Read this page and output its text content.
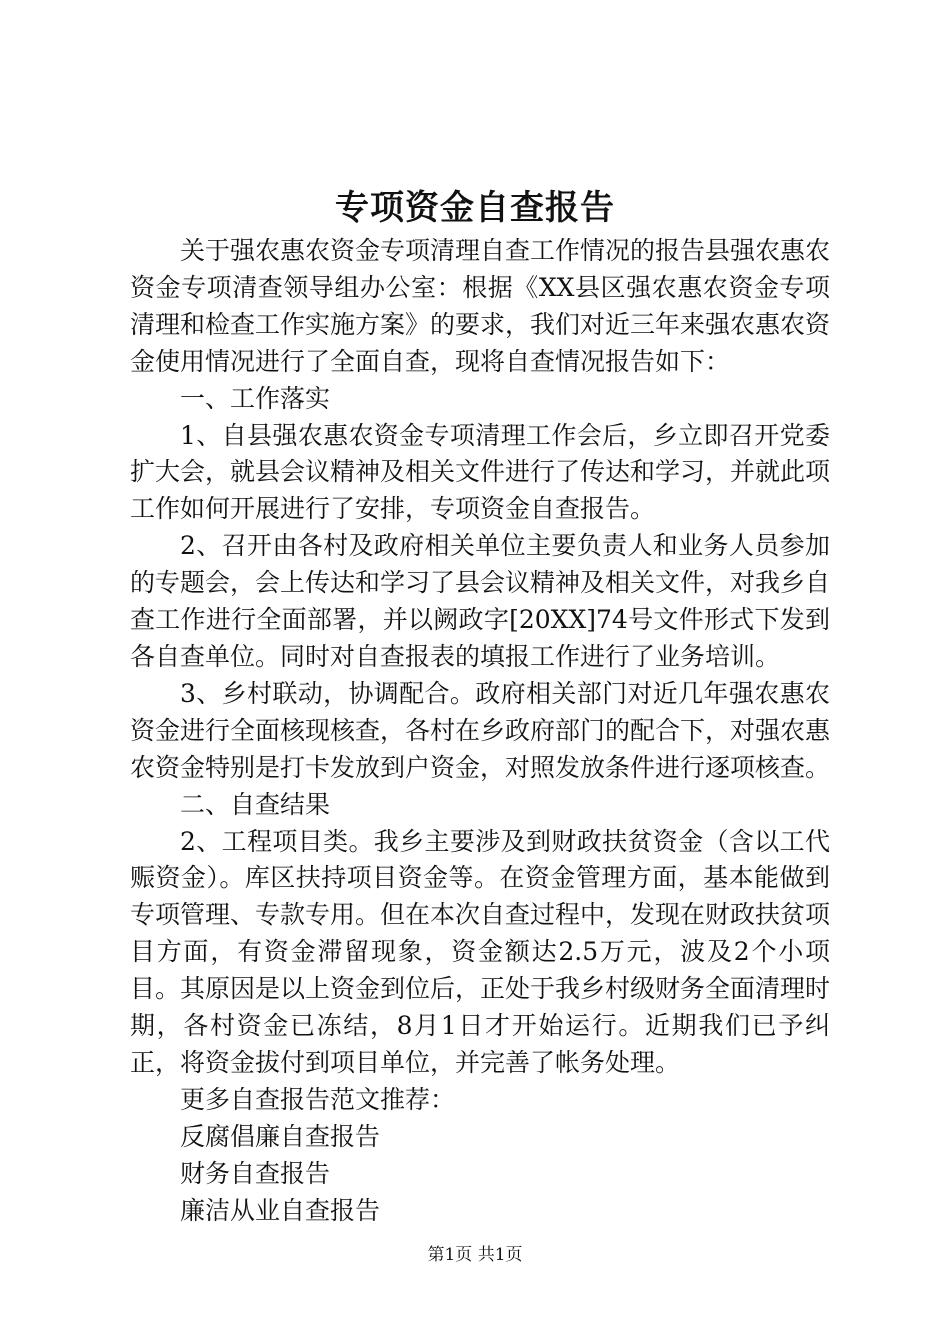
专项资金自查报告

关于强农惠农资金专项清理自查工作情况的报告县强农惠农资金专项清查领导组办公室：根据《XX县区强农惠农资金专项清理和检查工作实施方案》的要求，我们对近三年来强农惠农资金使用情况进行了全面自查，现将自查情况报告如下：

一、工作落实

1、自县强农惠农资金专项清理工作会后，乡立即召开党委扩大会，就县会议精神及相关文件进行了传达和学习，并就此项工作如何开展进行了安排，专项资金自查报告。

2、召开由各村及政府相关单位主要负责人和业务人员参加的专题会，会上传达和学习了县会议精神及相关文件，对我乡自查工作进行全面部署，并以阙政字[20XX]74号文件形式下发到各自查单位。同时对自查报表的填报工作进行了业务培训。

3、乡村联动，协调配合。政府相关部门对近几年强农惠农资金进行全面核现核查，各村在乡政府部门的配合下，对强农惠农资金特别是打卡发放到户资金，对照发放条件进行逐项核查。

二、自查结果

2、工程项目类。我乡主要涉及到财政扶贫资金（含以工代赈资金）。库区扶持项目资金等。在资金管理方面，基本能做到专项管理、专款专用。但在本次自查过程中，发现在财政扶贫项目方面，有资金滞留现象，资金额达2.5万元，波及2个小项目。其原因是以上资金到位后，正处于我乡村级财务全面清理时期，各村资金已冻结，8月1日才开始运行。近期我们已予纠正，将资金拔付到项目单位，并完善了帐务处理。

更多自查报告范文推荐：

反腐倡廉自查报告

财务自查报告

廉洁从业自查报告

第1页 共1页
